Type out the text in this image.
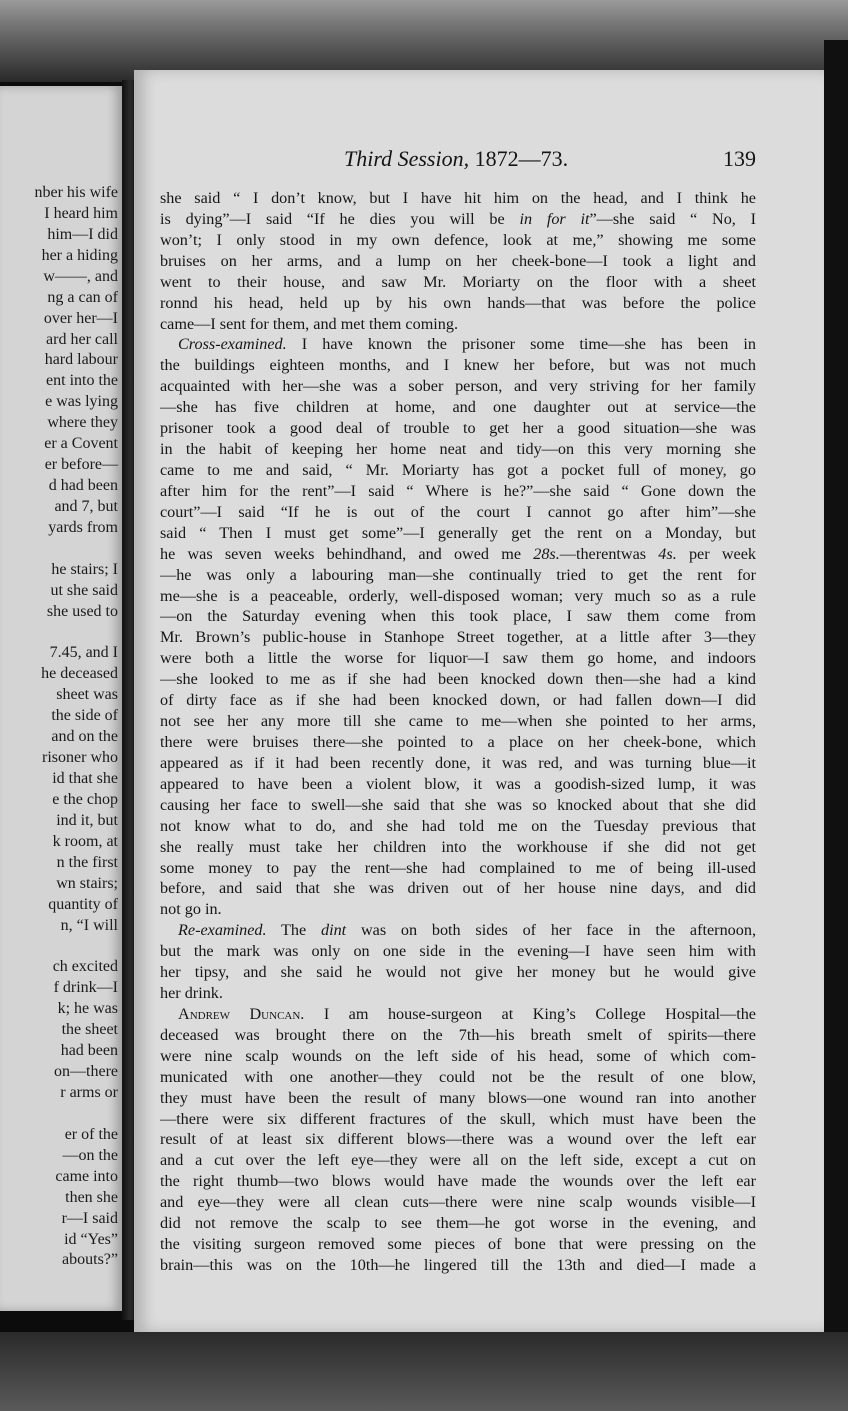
nber his wife
I heard him
him—I did
her a hiding
w——, and
ng a can of
over her—I
ard her call
hard labour
ent into the
e was lying
where they
er a Covent
er before—
d had been
and 7, but
yards from
he stairs; I
ut she said
she used to
7.45, and I
he deceased
sheet was
the side of
and on the
risoner who
id that she
e the chop
ind it, but
k room, at
n the first
wn stairs;
quantity of
n, “I will
ch excited
f drink—I
k; he was
the sheet
had been
on—there
r arms or
er of the
—on the
came into
then she
r—I said
id “Yes”
abouts?”
Third Session, 1872—73.	139
she said “ I don’t know, but I have hit him on the head, and I think he
is dying”—I said “If he dies you will be in for it”—she said “ No, I
won’t; I only stood in my own defence, look at me,” showing me some
bruises on her arms, and a lump on her cheek-bone—I took a light and
went to their house, and saw Mr. Moriarty on the floor with a sheet
ronnd his head, held up by his own hands—that was before the police
came—I sent for them, and met them coming.
Cross-examined. I have known the prisoner some time—she has been in
the buildings eighteen months, and I knew her before, but was not much
acquainted with her—she was a sober person, and very striving for her family
—she has five children at home, and one daughter out at service—the
prisoner took a good deal of trouble to get her a good situation—she was
in the habit of keeping her home neat and tidy—on this very morning she
came to me and said, “ Mr. Moriarty has got a pocket full of money, go
after him for the rent”—I said “ Where is he?”—she said “ Gone down the
court”—I said “If he is out of the court I cannot go after him”—she
said “ Then I must get some”—I generally get the rent on a Monday, but
he was seven weeks behindhand, and owed me 28s.—therentwas 4s. per week
—he was only a labouring man—she continually tried to get the rent for
me—she is a peaceable, orderly, well-disposed woman; very much so as a rule
—on the Saturday evening when this took place, I saw them come from
Mr. Brown’s public-house in Stanhope Street together, at a little after 3—they
were both a little the worse for liquor—I saw them go home, and indoors
—she looked to me as if she had been knocked down then—she had a kind
of dirty face as if she had been knocked down, or had fallen down—I did
not see her any more till she came to me—when she pointed to her arms,
there were bruises there—she pointed to a place on her cheek-bone, which
appeared as if it had been recently done, it was red, and was turning blue—it
appeared to have been a violent blow, it was a goodish-sized lump, it was
causing her face to swell—she said that she was so knocked about that she did
not know what to do, and she had told me on the Tuesday previous that
she really must take her children into the workhouse if she did not get
some money to pay the rent—she had complained to me of being ill-used
before, and said that she was driven out of her house nine days, and did
not go in.
Re-examined. The dint was on both sides of her face in the afternoon,
but the mark was only on one side in the evening—I have seen him with
her tipsy, and she said he would not give her money but he would give
her drink.
Andrew Duncan. I am house-surgeon at King’s College Hospital—the
deceased was brought there on the 7th—his breath smelt of spirits—there
were nine scalp wounds on the left side of his head, some of which com-
municated with one another—they could not be the result of one blow,
they must have been the result of many blows—one wound ran into another
—there were six different fractures of the skull, which must have been the
result of at least six different blows—there was a wound over the left ear
and a cut over the left eye—they were all on the left side, except a cut on
the right thumb—two blows would have made the wounds over the left ear
and eye—they were all clean cuts—there were nine scalp wounds visible—I
did not remove the scalp to see them—he got worse in the evening, and
the visiting surgeon removed some pieces of bone that were pressing on the
brain—this was on the 10th—he lingered till the 13th and died—I made a
